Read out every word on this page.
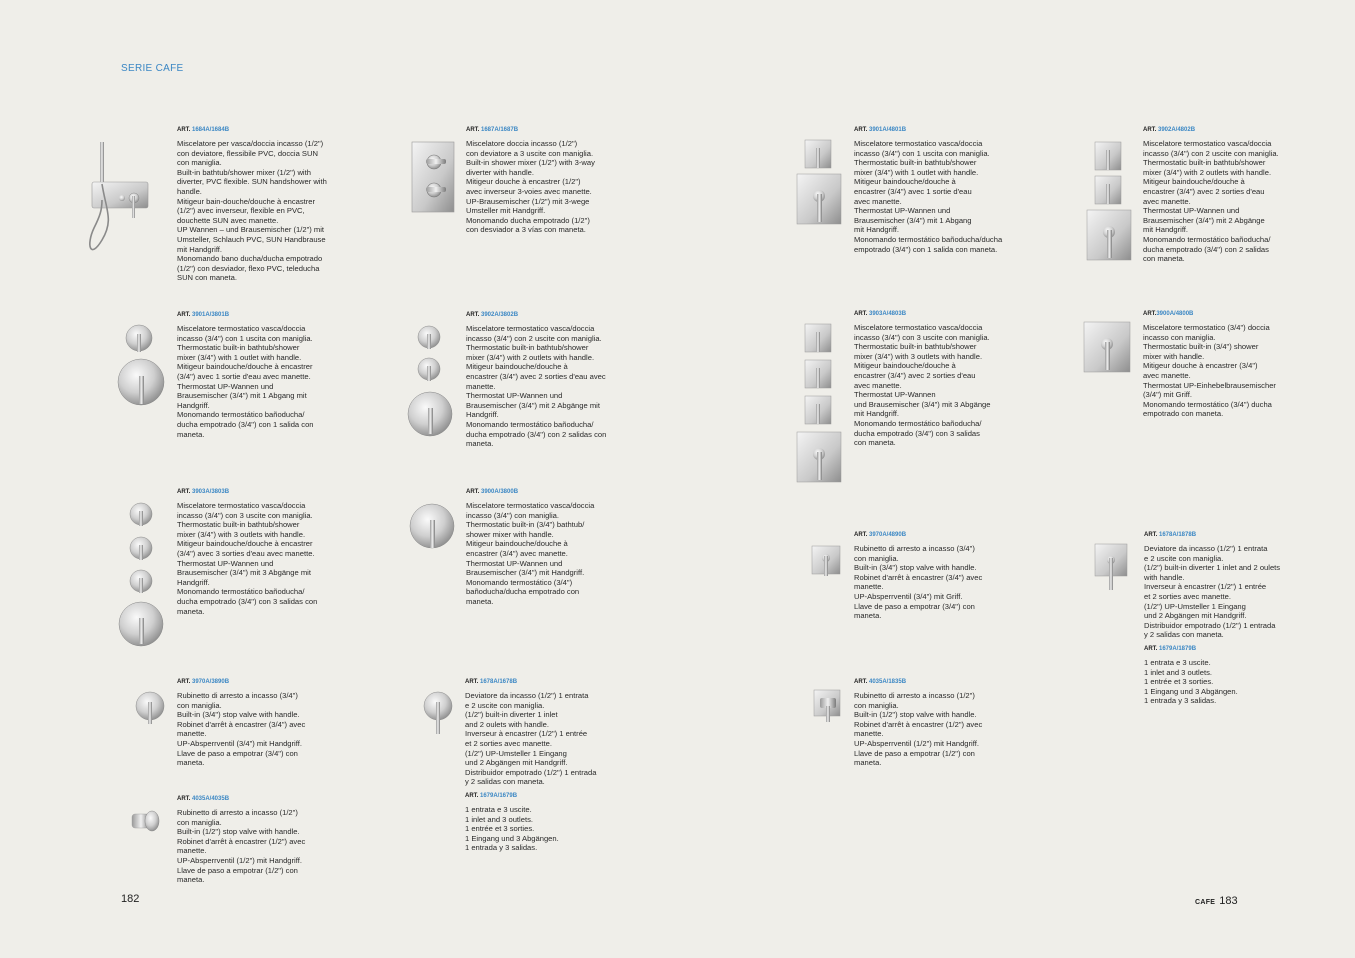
SERIE CAFE
ART. 1684A/1684B

Miscelatore per vasca/doccia incasso (1/2")
con deviatore, flessibile PVC, doccia SUN
con maniglia.
Built-in bathtub/shower mixer (1/2") with
diverter, PVC flexible. SUN handshower with
handle.
Mitigeur bain-douche/douche à encastrer
(1/2") avec inverseur, flexible en PVC,
douchette SUN avec manette.
UP Wannen – und Brausemischer (1/2") mit
Umsteller, Schlauch PVC, SUN Handbrause
mit Handgriff.
Monomando bano ducha/ducha empotrado
(1/2") con desviador, flexo PVC, teleducha
SUN con maneta.

ART. 1687A/1687B

Miscelatore doccia incasso (1/2")
con deviatore a 3 uscite con maniglia.
Built-in shower mixer (1/2") with 3-way
diverter with handle.
Mitigeur douche à encastrer (1/2")
avec inverseur 3-voies avec manette.
UP-Brausemischer (1/2") mit 3-wege
Umsteller mit Handgriff.
Monomando ducha empotrado (1/2")
con desviador a 3 vías con maneta.

ART. 3901A/3801B

Miscelatore termostatico vasca/doccia
incasso (3/4") con 1 uscita con maniglia.
Thermostatic built-in bathtub/shower
mixer (3/4") with 1 outlet with handle.
Mitigeur baindouche/douche à encastrer
(3/4") avec 1 sortie d'eau avec manette.
Thermostat UP-Wannen und
Brausemischer (3/4") mit 1 Abgang mit
Handgriff.
Monomando termostático bañoducha/
ducha empotrado (3/4") con 1 salida con
maneta.

ART. 3902A/3802B

Miscelatore termostatico vasca/doccia
incasso (3/4") con 2 uscite con maniglia.
Thermostatic built-in bathtub/shower
mixer (3/4") with 2 outlets with handle.
Mitigeur baindouche/douche à
encastrer (3/4") avec 2 sorties d'eau avec
manette.
Thermostat UP-Wannen und
Brausemischer (3/4") mit 2 Abgänge mit
Handgriff.
Monomando termostático bañoducha/
ducha empotrado (3/4") con 2 salidas con
maneta.

ART. 3903A/3803B

Miscelatore termostatico vasca/doccia
incasso (3/4") con 3 uscite con maniglia.
Thermostatic built-in bathtub/shower
mixer (3/4") with 3 outlets with handle.
Mitigeur baindouche/douche à encastrer
(3/4") avec 3 sorties d'eau avec manette.
Thermostat UP-Wannen und
Brausemischer (3/4") mit 3 Abgänge mit
Handgriff.
Monomando termostático bañoducha/
ducha empotrado (3/4") con 3 salidas con
maneta.

ART. 3900A/3800B

Miscelatore termostatico vasca/doccia
incasso (3/4") con maniglia.
Thermostatic built-in (3/4") bathtub/
shower mixer with handle.
Mitigeur baindouche/douche à
encastrer (3/4") avec manette.
Thermostat UP-Wannen und
Brausemischer (3/4") mit Handgriff.
Monomando termostático (3/4")
bañoducha/ducha empotrado con
maneta.

ART. 3970A/3890B

Rubinetto di arresto a incasso (3/4")
con maniglia.
Built-in (3/4") stop valve with handle.
Robinet d'arrêt à encastrer (3/4") avec
manette.
UP-Absperrventil (3/4") mit Handgriff.
Llave de paso a empotrar (3/4") con
maneta.

ART. 1678A/1678B

Deviatore da incasso (1/2") 1 entrata
e 2 uscite con maniglia.
(1/2") built-in diverter 1 inlet
and 2 oulets with handle.
Inverseur à encastrer (1/2") 1 entrée
et 2 sorties avec manette.
(1/2") UP-Umsteller 1 Eingang
und 2 Abgängen mit Handgriff.
Distribuidor empotrado (1/2") 1 entrada
y 2 salidas con maneta.

ART. 1679A/1679B

1 entrata e 3 uscite.
1 inlet and 3 outlets.
1 entrée et 3 sorties.
1 Eingang und 3 Abgängen.
1 entrada y 3 salidas.

ART. 4035A/4035B

Rubinetto di arresto a incasso (1/2")
con maniglia.
Built-in (1/2") stop valve with handle.
Robinet d'arrêt à encastrer (1/2") avec
manette.
UP-Absperrventil (1/2") mit Handgriff.
Llave de paso a empotrar (1/2") con
maneta.

182
ART. 3901A/4801B

Miscelatore termostatico vasca/doccia
incasso (3/4") con 1 uscita con maniglia.
Thermostatic built-in bathtub/shower
mixer (3/4") with 1 outlet with handle.
Mitigeur baindouche/douche à
encastrer (3/4") avec 1 sortie d'eau
avec manette.
Thermostat UP-Wannen und
Brausemischer (3/4") mit 1 Abgang
mit Handgriff.
Monomando termostático bañoducha/ducha
empotrado (3/4") con 1 salida con maneta.

ART. 3902A/4802B

Miscelatore termostatico vasca/doccia
incasso (3/4") con 2 uscite con maniglia.
Thermostatic built-in bathtub/shower
mixer (3/4") with 2 outlets with handle.
Mitigeur baindouche/douche à
encastrer (3/4") avec 2 sorties d'eau
avec manette.
Thermostat UP-Wannen und
Brausemischer (3/4") mit 2 Abgänge
mit Handgriff.
Monomando termostático bañoducha/
ducha empotrado (3/4") con 2 salidas
con maneta.

ART. 3903A/4803B

Miscelatore termostatico vasca/doccia
incasso (3/4") con 3 uscite con maniglia.
Thermostatic built-in bathtub/shower
mixer (3/4") with 3 outlets with handle.
Mitigeur baindouche/douche à
encastrer (3/4") avec 2 sorties d'eau
avec manette.
Thermostat UP-Wannen
und Brausemischer (3/4") mit 3 Abgänge
mit Handgriff.
Monomando termostático bañoducha/
ducha empotrado (3/4") con 3 salidas
con maneta.

ART.3900A/4800B

Miscelatore termostatico (3/4") doccia
incasso con maniglia.
Thermostatic built-in (3/4") shower
mixer with handle.
Mitigeur douche à encastrer (3/4")
avec manette.
Thermostat UP-Einhebelbrausemischer
(3/4") mit Griff.
Monomando termostático (3/4") ducha
empotrado con maneta.

ART. 3970A/4890B

Rubinetto di arresto a incasso (3/4")
con maniglia.
Built-in (3/4") stop valve with handle.
Robinet d'arrêt à encastrer (3/4") avec
manette.
UP-Absperrventil (3/4") mit Griff.
Llave de paso a empotrar (3/4") con
maneta.

ART. 1678A/1878B

Deviatore da incasso (1/2") 1 entrata
e 2 uscite con maniglia.
(1/2") built-in diverter 1 inlet and 2 oulets
with handle.
Inverseur à encastrer (1/2") 1 entrée
et 2 sorties avec manette.
(1/2") UP-Umsteller 1 Eingang
und 2 Abgängen mit Handgriff.
Distribuidor empotrado (1/2") 1 entrada
y 2 salidas con maneta.

ART. 1679A/1879B

1 entrata e 3 uscite.
1 inlet and 3 outlets.
1 entrée et 3 sorties.
1 Eingang und 3 Abgängen.
1 entrada y 3 salidas.

ART. 4035A/1835B

Rubinetto di arresto a incasso (1/2")
con maniglia.
Built-in (1/2") stop valve with handle.
Robinet d'arrêt à encastrer (1/2") avec
manette.
UP-Absperrventil (1/2") mit Handgriff.
Llave de paso a empotrar (1/2") con
maneta.

CAFE 183
